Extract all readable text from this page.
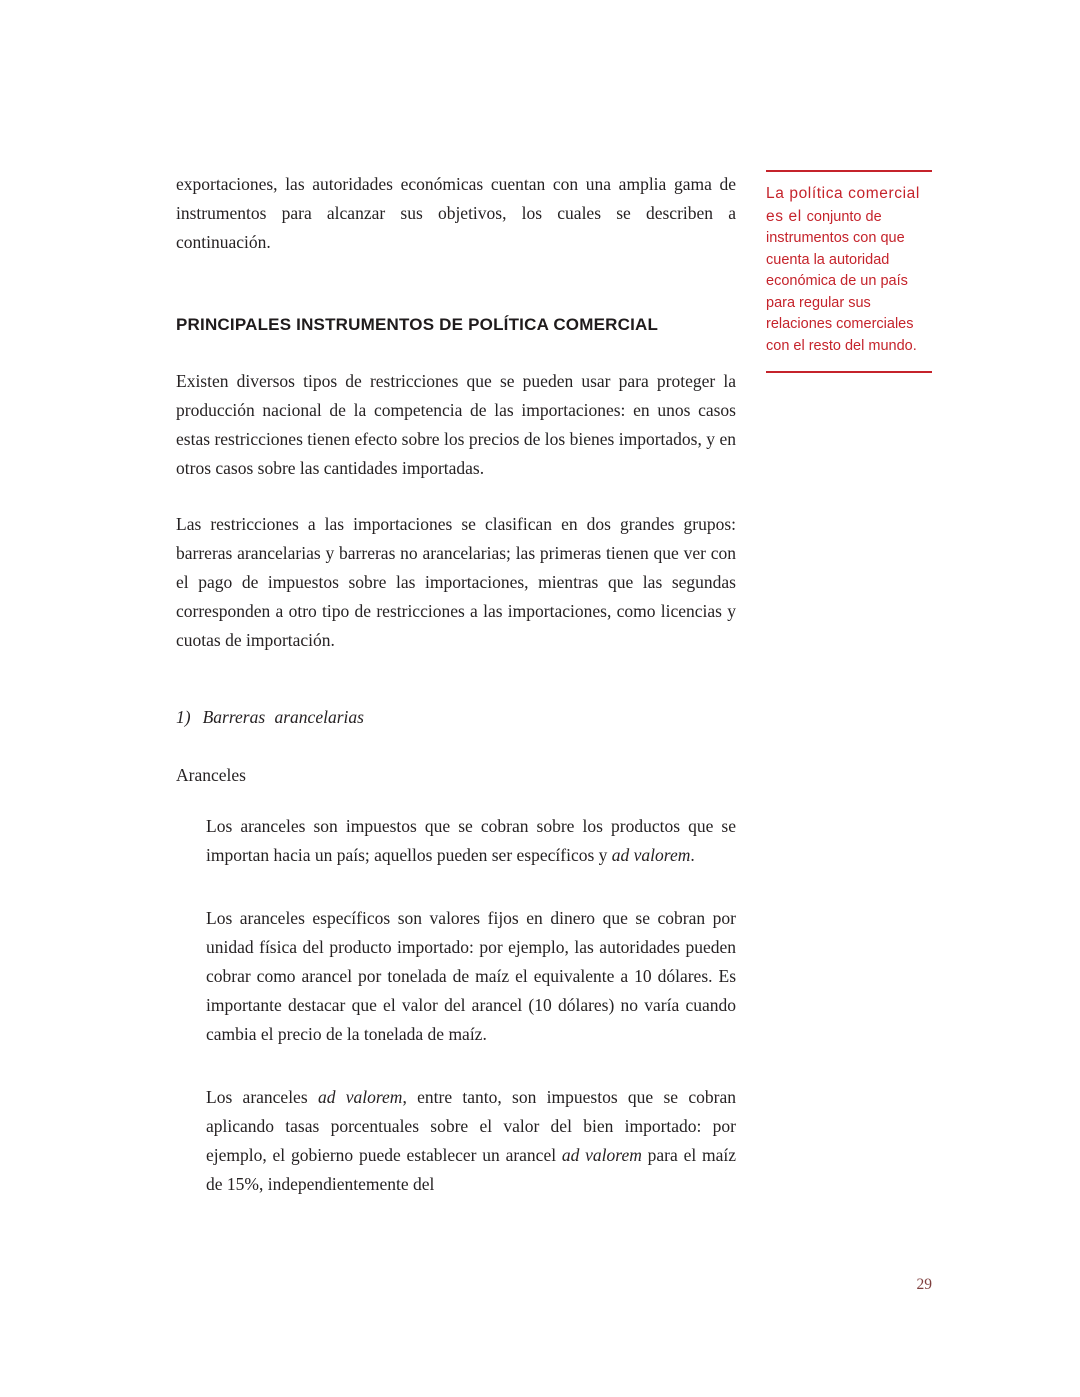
exportaciones, las autoridades económicas cuentan con una amplia gama de instrumentos para alcanzar sus objetivos, los cuales se describen a continuación.

PRINCIPALES INSTRUMENTOS DE POLÍTICA COMERCIAL

Existen diversos tipos de restricciones que se pueden usar para proteger la producción nacional de la competencia de las importaciones: en unos casos estas restricciones tienen efecto sobre los precios de los bienes importados, y en otros casos sobre las cantidades importadas.

Las restricciones a las importaciones se clasifican en dos grandes grupos: barreras arancelarias y barreras no arancelarias; las primeras tienen que ver con el pago de impuestos sobre las importaciones, mientras que las segundas corresponden a otro tipo de restricciones a las importaciones, como licencias y cuotas de importación.

1) Barreras arancelarias
Aranceles

Los aranceles son impuestos que se cobran sobre los productos que se importan hacia un país; aquellos pueden ser específicos y ad valorem.

Los aranceles específicos son valores fijos en dinero que se cobran por unidad física del producto importado: por ejemplo, las autoridades pueden cobrar como arancel por tonelada de maíz el equivalente a 10 dólares. Es importante destacar que el valor del arancel (10 dólares) no varía cuando cambia el precio de la tonelada de maíz.

Los aranceles ad valorem, entre tanto, son impuestos que se cobran aplicando tasas porcentuales sobre el valor del bien importado: por ejemplo, el gobierno puede establecer un arancel ad valorem para el maíz de 15%, independientemente del

La política comercial es el conjunto de instrumentos con que cuenta la autoridad económica de un país para regular sus relaciones comerciales con el resto del mundo.

29
